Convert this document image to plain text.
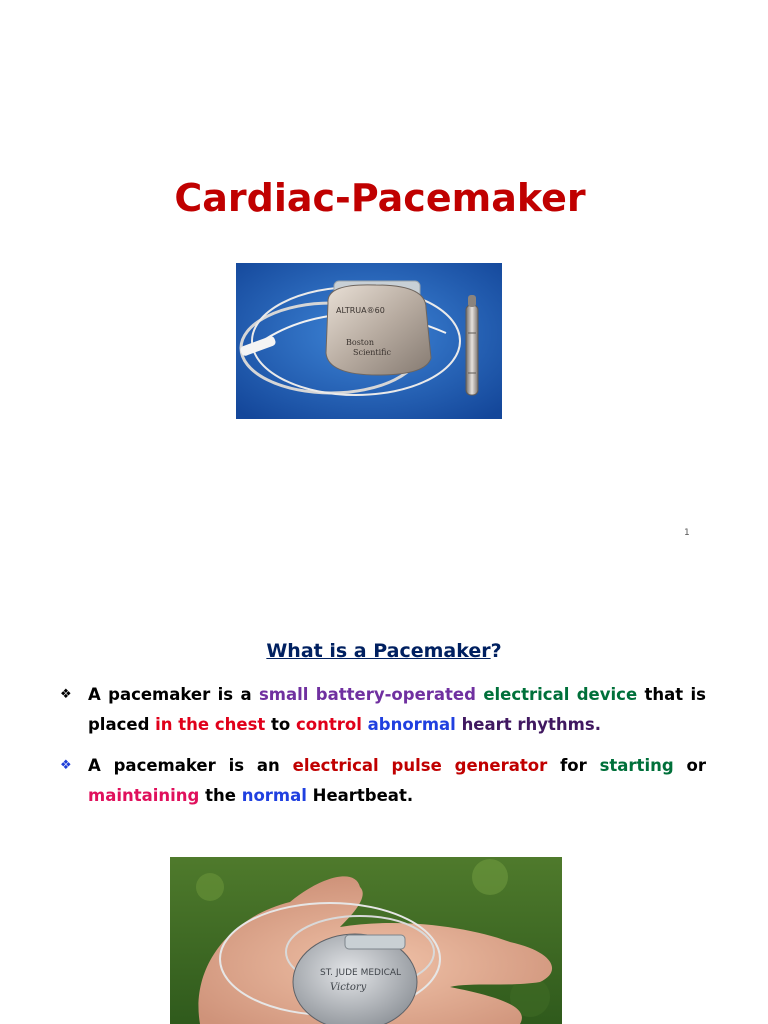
Cardiac-Pacemaker
ALTRUA®60
Boston
Scientific
1
What is a Pacemaker?
❖ A pacemaker is a small battery-operated electrical device that is placed in the chest to control abnormal heart rhythms.
❖ A pacemaker is an electrical pulse generator for starting or maintaining the normal Heartbeat.
ST. JUDE MEDICAL
Victory
